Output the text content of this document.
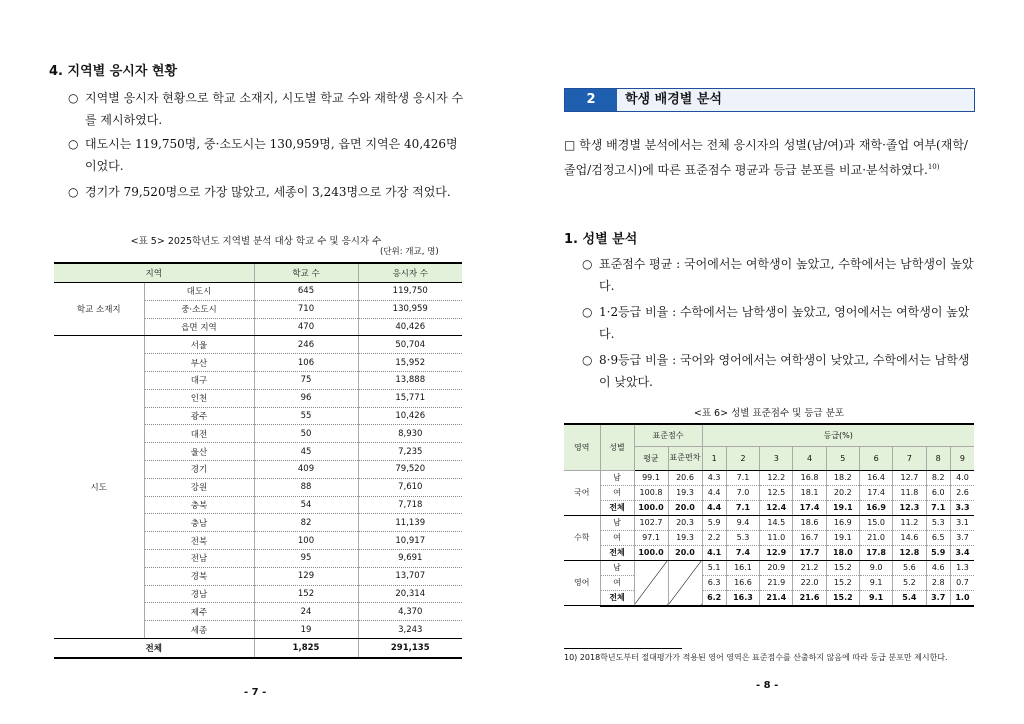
4. 지역별 응시자 현황
○ 지역별 응시자 현황으로 학교 소재지, 시도별 학교 수와 재학생 응시자 수를 제시하였다.
○ 대도시는 119,750명, 중·소도시는 130,959명, 읍면 지역은 40,426명이었다.
○ 경기가 79,520명으로 가장 많았고, 세종이 3,243명으로 가장 적었다.
<표 5> 2025학년도 지역별 분석 대상 학교 수 및 응시자 수
(단위: 개교, 명)
지역		학교 수	응시자 수
학교 소재지	대도시	645	119,750
	중·소도시	710	130,959
	읍면 지역	470	40,426
시도	서울	246	50,704
	부산	106	15,952
	대구	75	13,888
	인천	96	15,771
	광주	55	10,426
	대전	50	8,930
	울산	45	7,235
	경기	409	79,520
	강원	88	7,610
	충북	54	7,718
	충남	82	11,139
	전북	100	10,917
	전남	95	9,691
	경북	129	13,707
	경남	152	20,314
	제주	24	4,370
	세종	19	3,243
전체		1,825	291,135
- 7 -
2	학생 배경별 분석
□ 학생 배경별 분석에서는 전체 응시자의 성별(남/여)과 재학·졸업 여부(재학/졸업/검정고시)에 따른 표준점수 평균과 등급 분포를 비교·분석하였다.$^{10)}$
1. 성별 분석
○ 표준점수 평균 : 국어에서는 여학생이 높았고, 수학에서는 남학생이 높았다.
○ 1·2등급 비율 : 수학에서는 남학생이 높았고, 영어에서는 여학생이 높았다.
○ 8·9등급 비율 : 국어와 영어에서는 여학생이 낮았고, 수학에서는 남학생이 낮았다.
<표 6> 성별 표준점수 및 등급 분포
영역	성별	표준점수		등급(%)								
		평균	표준편차	1	2	3	4	5	6	7	8	9
국어	남	99.1	20.6	4.3	7.1	12.2	16.8	18.2	16.4	12.7	8.2	4.0
	여	100.8	19.3	4.4	7.0	12.5	18.1	20.2	17.4	11.8	6.0	2.6
	전체	100.0	20.0	4.4	7.1	12.4	17.4	19.1	16.9	12.3	7.1	3.3
수학	남	102.7	20.3	5.9	9.4	14.5	18.6	16.9	15.0	11.2	5.3	3.1
	여	97.1	19.3	2.2	5.3	11.0	16.7	19.1	21.0	14.6	6.5	3.7
	전체	100.0	20.0	4.1	7.4	12.9	17.7	18.0	17.8	12.8	5.9	3.4
영어	남			5.1	16.1	20.9	21.2	15.2	9.0	5.6	4.6	1.3
	여			6.3	16.6	21.9	22.0	15.2	9.1	5.2	2.8	0.7
	전체			6.2	16.3	21.4	21.6	15.2	9.1	5.4	3.7	1.0
10) 2018학년도부터 절대평가가 적용된 영어 영역은 표준점수를 산출하지 않음에 따라 등급 분포만 제시한다.
- 8 -
